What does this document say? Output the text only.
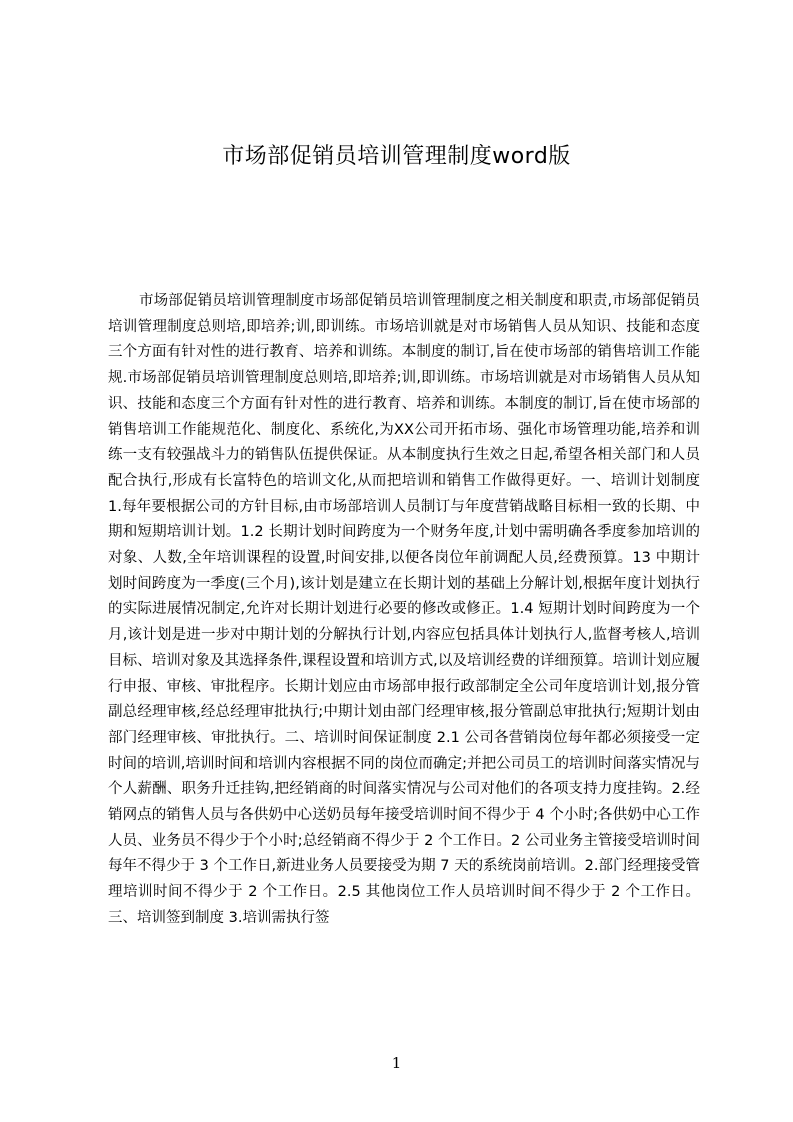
市场部促销员培训管理制度word版

市场部促销员培训管理制度市场部促销员培训管理制度之相关制度和职责,市场部促销员培训管理制度总则培,即培养;训,即训练。市场培训就是对市场销售人员从知识、技能和态度三个方面有针对性的进行教育、培养和训练。本制度的制订,旨在使市场部的销售培训工作能规.市场部促销员培训管理制度总则培,即培养;训,即训练。市场培训就是对市场销售人员从知识、技能和态度三个方面有针对性的进行教育、培养和训练。本制度的制订,旨在使市场部的销售培训工作能规范化、制度化、系统化,为XX公司开拓市场、强化市场管理功能,培养和训练一支有较强战斗力的销售队伍提供保证。从本制度执行生效之日起,希望各相关部门和人员配合执行,形成有长富特色的培训文化,从而把培训和销售工作做得更好。一、培训计划制度 1.每年要根据公司的方针目标,由市场部培训人员制订与年度营销战略目标相一致的长期、中期和短期培训计划。1.2 长期计划时间跨度为一个财务年度,计划中需明确各季度参加培训的对象、人数,全年培训课程的设置,时间安排,以便各岗位年前调配人员,经费预算。13 中期计划时间跨度为一季度(三个月),该计划是建立在长期计划的基础上分解计划,根据年度计划执行的实际进展情况制定,允许对长期计划进行必要的修改或修正。1.4 短期计划时间跨度为一个月,该计划是进一步对中期计划的分解执行计划,内容应包括具体计划执行人,监督考核人,培训目标、培训对象及其选择条件,课程设置和培训方式,以及培训经费的详细预算。培训计划应履行申报、审核、审批程序。长期计划应由市场部申报行政部制定全公司年度培训计划,报分管副总经理审核,经总经理审批执行;中期计划由部门经理审核,报分管副总审批执行;短期计划由部门经理审核、审批执行。二、培训时间保证制度 2.1 公司各营销岗位每年都必须接受一定时间的培训,培训时间和培训内容根据不同的岗位而确定;并把公司员工的培训时间落实情况与个人薪酬、职务升迁挂钩,把经销商的时间落实情况与公司对他们的各项支持力度挂钩。2.经销网点的销售人员与各供奶中心送奶员每年接受培训时间不得少于 4 个小时;各供奶中心工作人员、业务员不得少于个小时;总经销商不得少于 2 个工作日。2 公司业务主管接受培训时间每年不得少于 3 个工作日,新进业务人员要接受为期 7 天的系统岗前培训。2.部门经理接受管理培训时间不得少于 2 个工作日。2.5 其他岗位工作人员培训时间不得少于 2 个工作日。三、培训签到制度 3.培训需执行签

1
